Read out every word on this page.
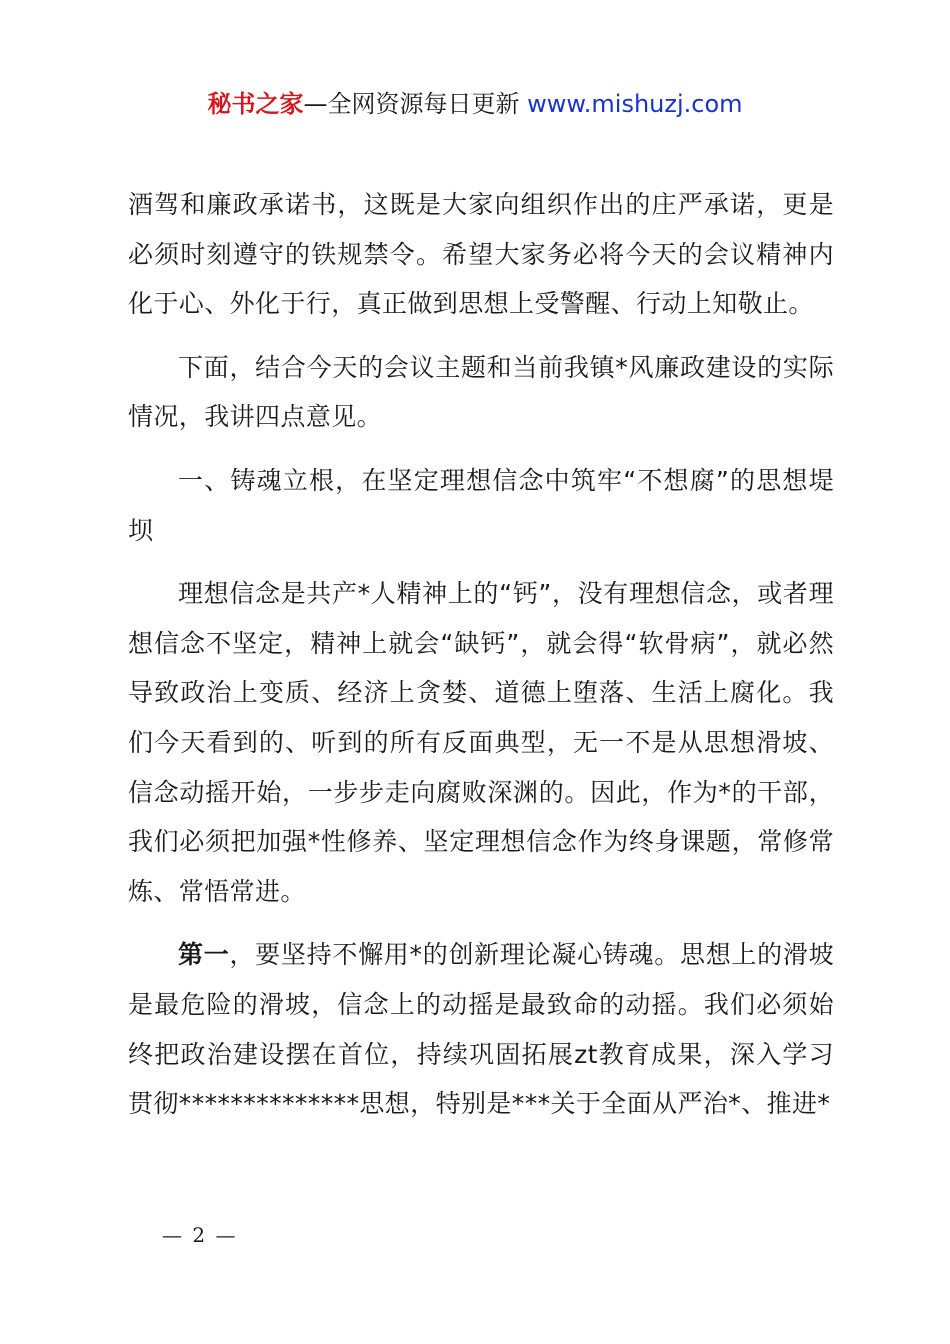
秘书之家—全网资源每日更新 www.mishuzj.com

酒驾和廉政承诺书，这既是大家向组织作出的庄严承诺，更是必须时刻遵守的铁规禁令。希望大家务必将今天的会议精神内化于心、外化于行，真正做到思想上受警醒、行动上知敬止。

下面，结合今天的会议主题和当前我镇*风廉政建设的实际情况，我讲四点意见。

一、铸魂立根，在坚定理想信念中筑牢“不想腐”的思想堤坝

理想信念是共产*人精神上的“钙”，没有理想信念，或者理想信念不坚定，精神上就会“缺钙”，就会得“软骨病”，就必然导致政治上变质、经济上贪婪、道德上堕落、生活上腐化。我们今天看到的、听到的所有反面典型，无一不是从思想滑坡、信念动摇开始，一步步走向腐败深渊的。因此，作为*的干部，我们必须把加强*性修养、坚定理想信念作为终身课题，常修常炼、常悟常进。

第一，要坚持不懈用*的创新理论凝心铸魂。思想上的滑坡是最危险的滑坡，信念上的动摇是最致命的动摇。我们必须始终把政治建设摆在首位，持续巩固拓展zt教育成果，深入学习贯彻**************思想，特别是***关于全面从严治*、推进*

— 2 —
